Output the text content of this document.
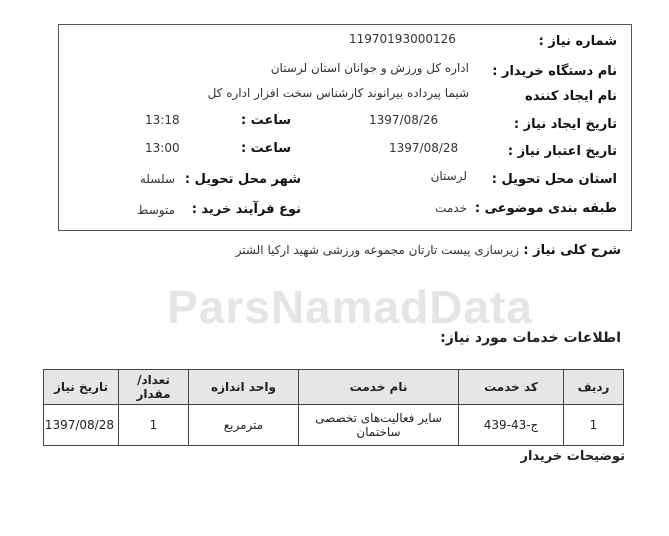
ParsNamadData
شماره نیاز :
11970193000126
نام دستگاه خریدار :
اداره کل ورزش و جوانان استان لرستان
نام ایجاد کننده
شیما پیرداده بیرانوند کارشناس سخت افزار اداره کل
تاریخ ایجاد نیاز :
1397/08/26
ساعت :
13:18
تاریخ اعتبار نیاز :
1397/08/28
ساعت :
13:00
استان محل تحویل :
لرستان
شهر محل تحویل :
سلسله
طبقه بندی موضوعی :
خدمت
نوع فرآیند خرید :
متوسط
شرح کلی نیاز :
زیرسازی پیست تارتان مجموعه ورزشی شهید ارکیا الشتر
اطلاعات خدمات مورد نیاز:
ردیف	کد خدمت	نام خدمت	واحد اندازه	تعداد/ مقدار	تاریخ نیاز
1	ج-43-439	سایر فعالیت‌های تخصصی ساختمان	مترمربع	1	1397/08/28
توضیحات خریدار
